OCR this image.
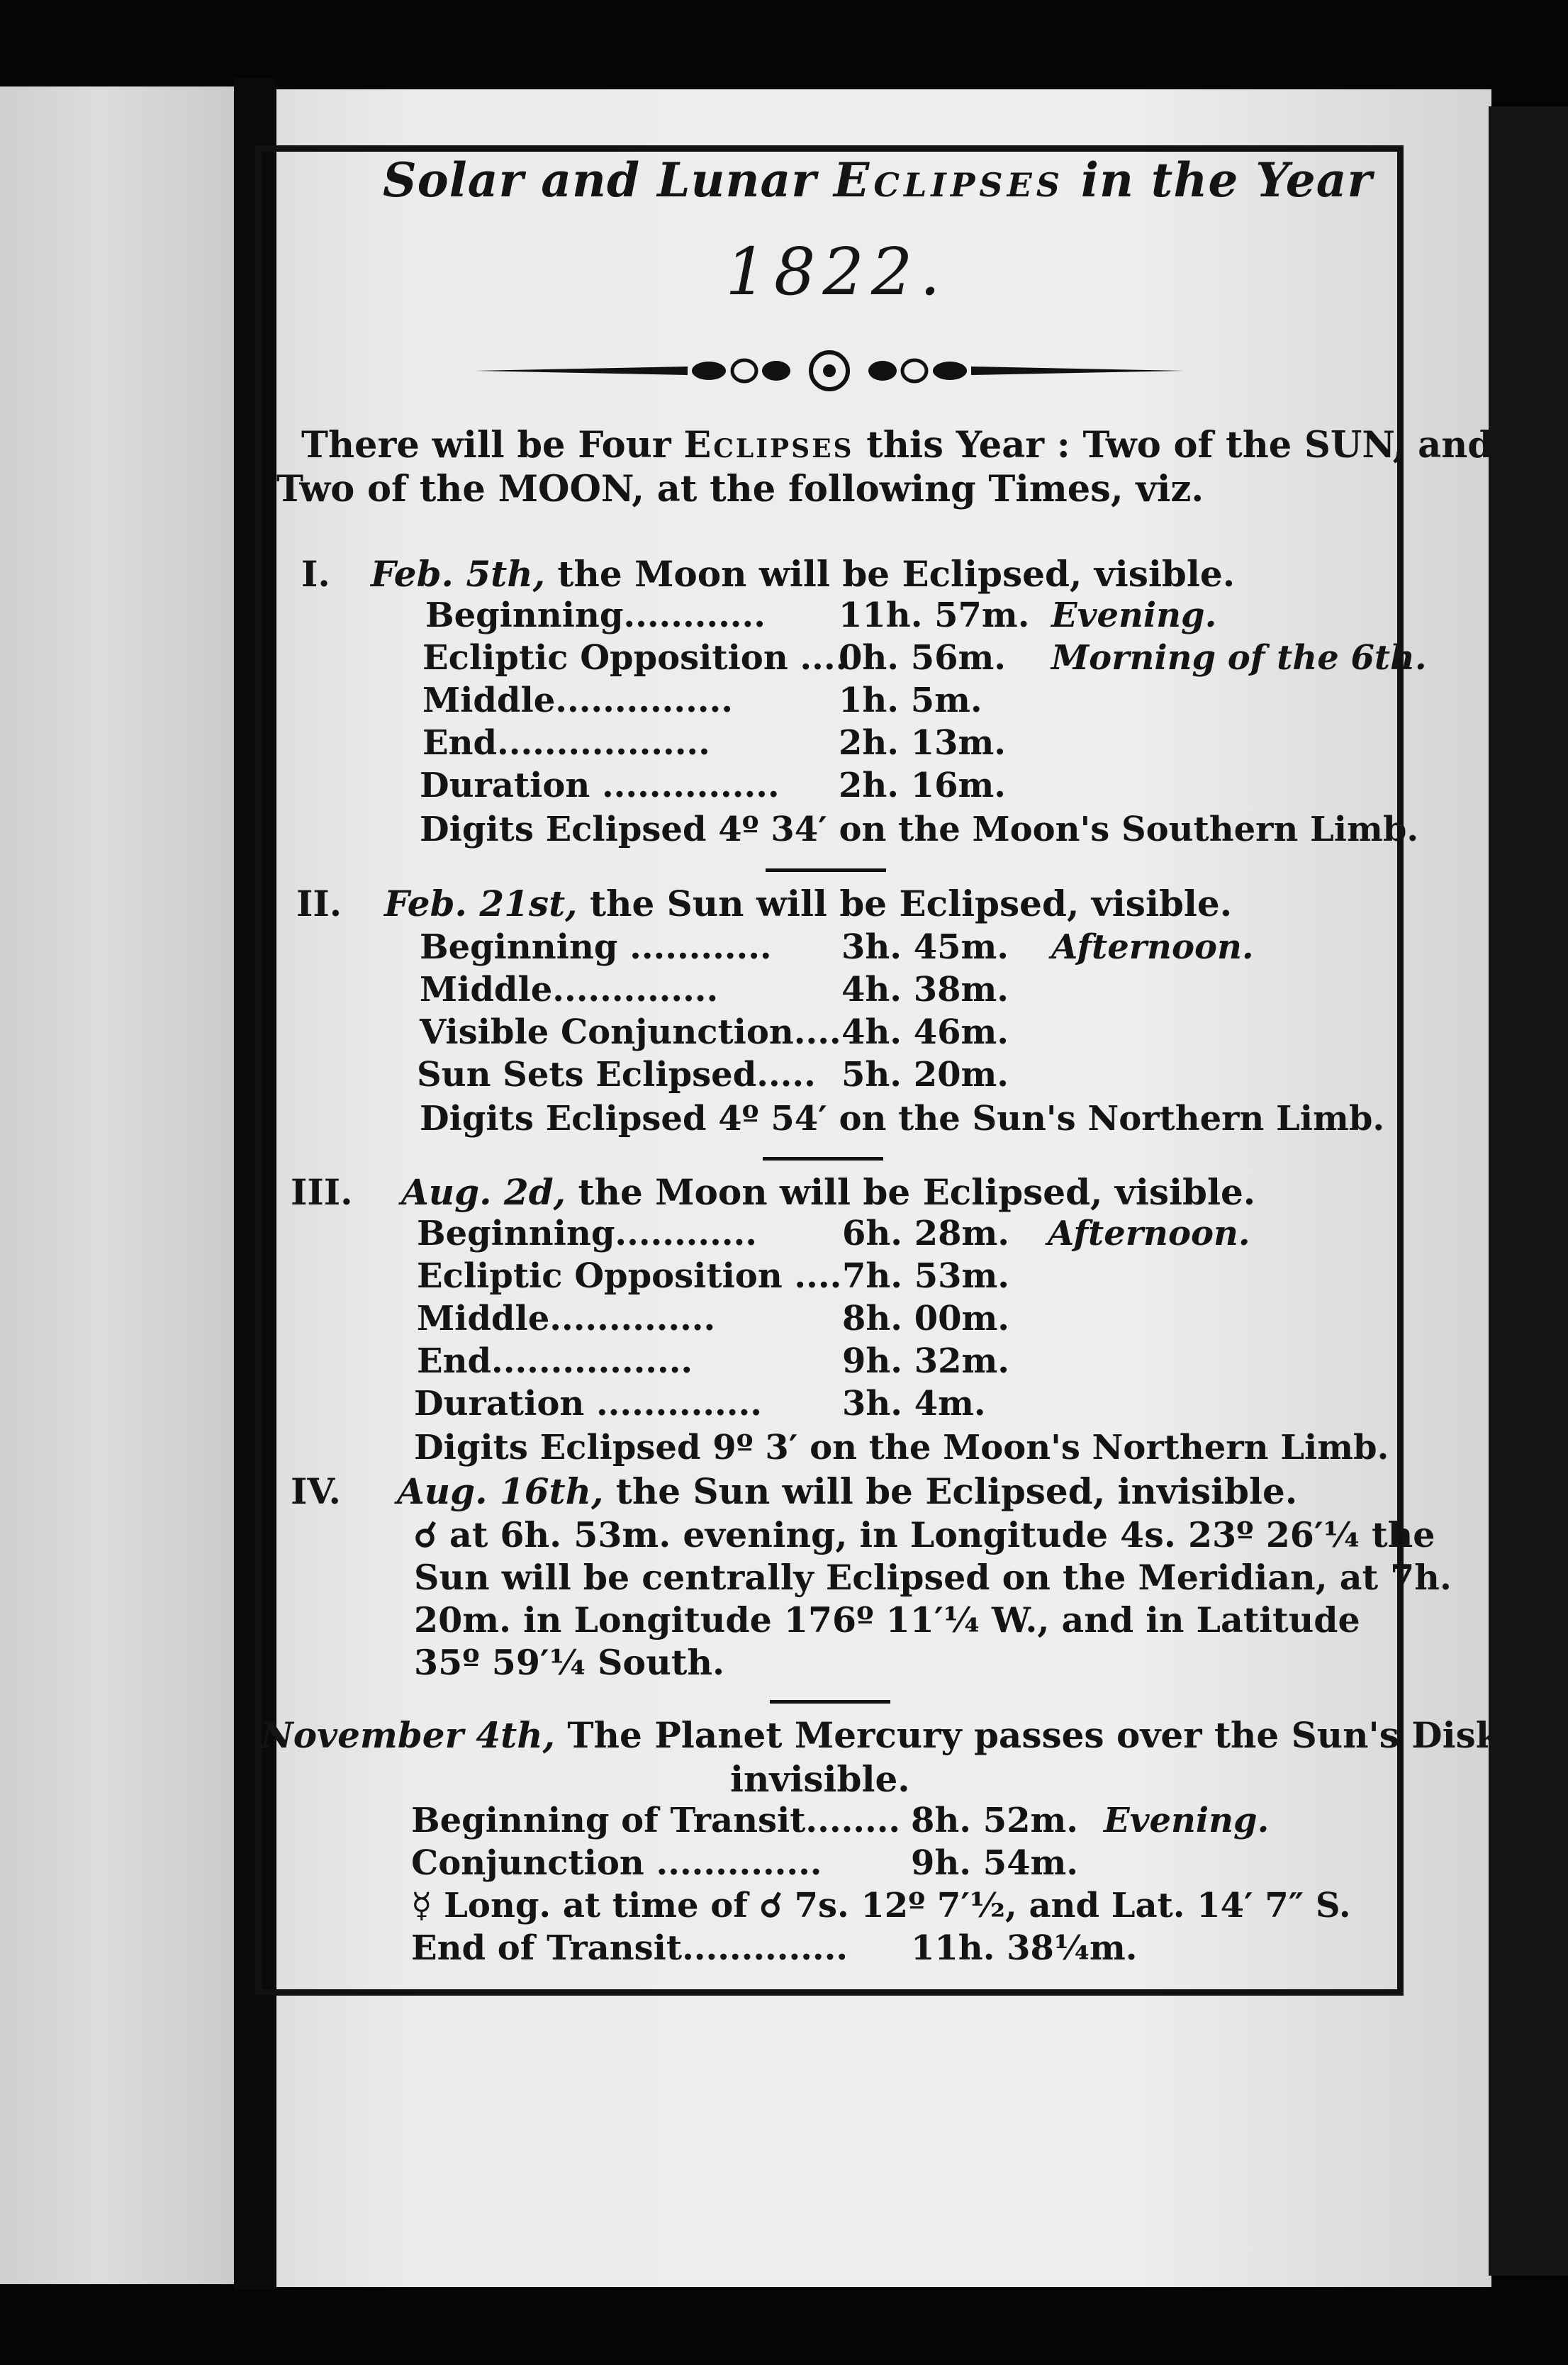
Solar and Lunar Eclipses in the Year
1822.
There will be Four Eclipses this Year : Two of the SUN, and
Two of the MOON, at the following Times, viz.
I. Feb. 5th, the Moon will be Eclipsed, visible.
Beginning............ 11h. 57m. Evening.
Ecliptic Opposition ....0h. 56m. Morning of the 6th.
Middle...............	1h. 5m.
End..................	2h. 13m.
Duration ............... 2h. 16m.
Digits Eclipsed 4º 34′ on the Moon's Southern Limb.
II. Feb. 21st, the Sun will be Eclipsed, visible.
Beginning ............ 3h. 45m. Afternoon.
Middle..............	4h. 38m.
Visible Conjunction....4h. 46m.
Sun Sets Eclipsed..... 5h. 20m.
Digits Eclipsed 4º 54′ on the Sun's Northern Limb.
III. Aug. 2d, the Moon will be Eclipsed, visible.
Beginning............	6h. 28m. Afternoon.
Ecliptic Opposition ....7h. 53m.
Middle..............	8h. 00m.
End.................	9h. 32m.
Duration .............. 3h. 4m.
Digits Eclipsed 9º 3′ on the Moon's Northern Limb.
IV. Aug. 16th, the Sun will be Eclipsed, invisible.
☌ at 6h. 53m. evening, in Longitude 4s. 23º 26′¼ the
Sun will be centrally Eclipsed on the Meridian, at 7h.
20m. in Longitude 176º 11′¼ W., and in Latitude
35º 59′¼ South.
November 4th, The Planet Mercury passes over the Sun's Disk,
invisible.
Beginning of Transit........ 8h. 52m. Evening.
Conjunction ..............	9h. 54m.
☿ Long. at time of ☌ 7s. 12º 7′½, and Lat. 14′ 7″ S.
End of Transit.............. 11h. 38¼m.
